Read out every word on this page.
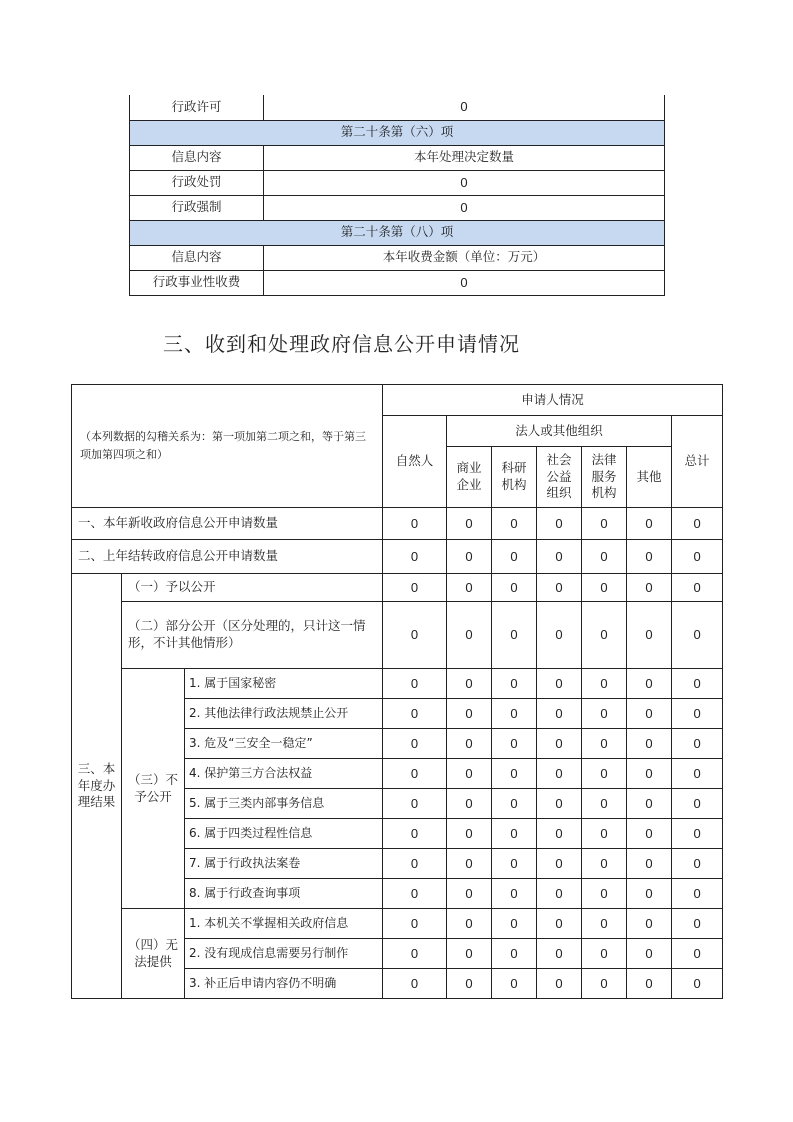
行政许可	0
第二十条第（六）项	
信息内容	本年处理决定数量
行政处罚	0
行政强制	0
第二十条第（八）项	
信息内容	本年收费金额（单位：万元）
行政事业性收费	0
三、收到和处理政府信息公开申请情况
（本列数据的勾稽关系为：第一项加第二项之和，等于第三项加第四项之和）			申请人情况						
			自然人	法人或其他组织					总计
				商业企业	科研机构	社会公益组织	法律服务机构	其他	
一、本年新收政府信息公开申请数量			0	0	0	0	0	0	0
二、上年结转政府信息公开申请数量			0	0	0	0	0	0	0
三、本年度办理结果	（一）予以公开		0	0	0	0	0	0	0
	（二）部分公开（区分处理的，只计这一情形，不计其他情形）		0	0	0	0	0	0	0
	（三）不予公开	1. 属于国家秘密	0	0	0	0	0	0	0
		2. 其他法律行政法规禁止公开	0	0	0	0	0	0	0
		3. 危及“三安全一稳定”	0	0	0	0	0	0	0
		4. 保护第三方合法权益	0	0	0	0	0	0	0
		5. 属于三类内部事务信息	0	0	0	0	0	0	0
		6. 属于四类过程性信息	0	0	0	0	0	0	0
		7. 属于行政执法案卷	0	0	0	0	0	0	0
		8. 属于行政查询事项	0	0	0	0	0	0	0
	（四）无法提供	1. 本机关不掌握相关政府信息	0	0	0	0	0	0	0
		2. 没有现成信息需要另行制作	0	0	0	0	0	0	0
		3. 补正后申请内容仍不明确	0	0	0	0	0	0	0
